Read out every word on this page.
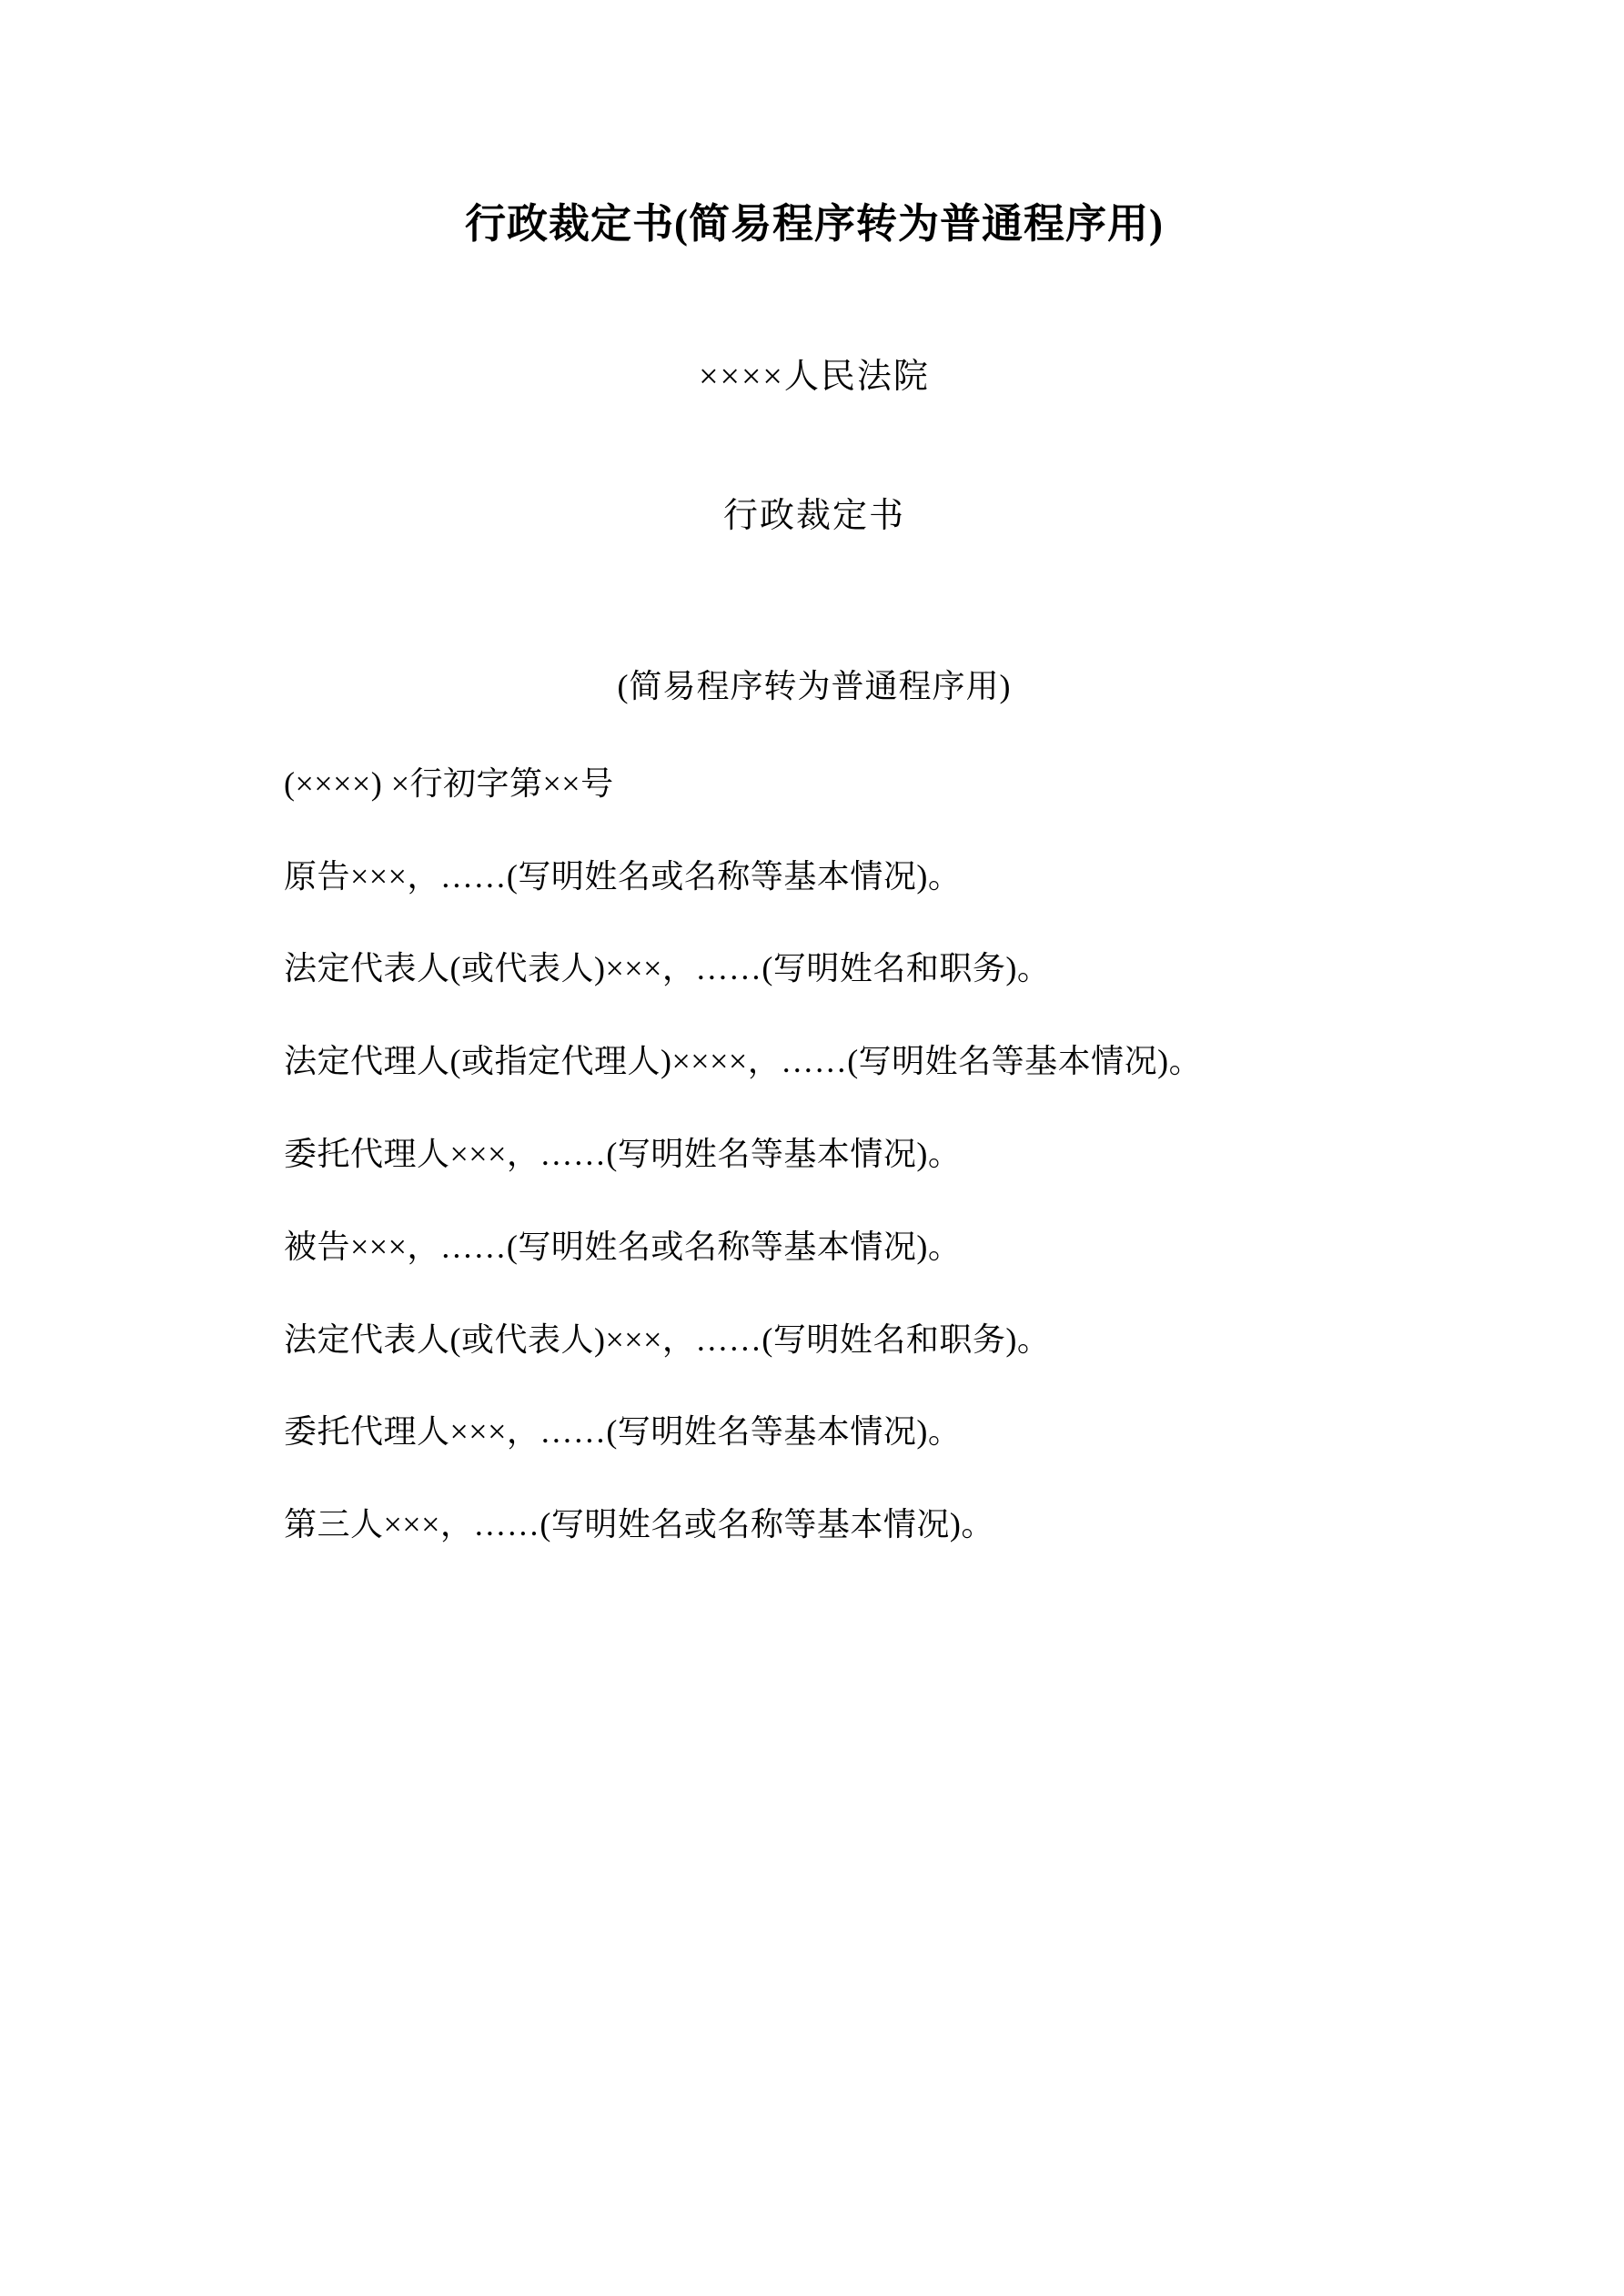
行政裁定书(简易程序转为普通程序用)
××××人民法院
行政裁定书
(简易程序转为普通程序用)

(××××) ×行初字第××号

原告×××，……(写明姓名或名称等基本情况)。

法定代表人(或代表人)×××，……(写明姓名和职务)。

法定代理人(或指定代理人)××××，……(写明姓名等基本情况)。

委托代理人×××，……(写明姓名等基本情况)。

被告×××，……(写明姓名或名称等基本情况)。

法定代表人(或代表人)×××，……(写明姓名和职务)。

委托代理人×××，……(写明姓名等基本情况)。

第三人×××，……(写明姓名或名称等基本情况)。
